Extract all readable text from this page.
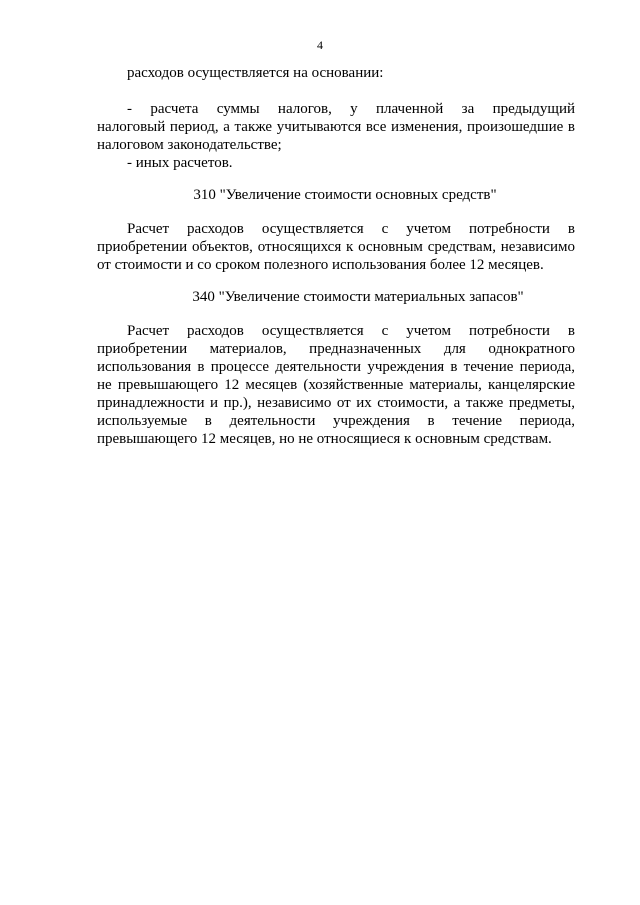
4

расходов осуществляется на основании:

- расчета суммы налогов, у плаченной за предыдущий

налоговый период, а также учитываются все изменения, произошедшие в налоговом законодательстве;

- иных расчетов.

310 "Увеличение стоимости основных средств"

Расчет расходов осуществляется с учетом потребности в приобретении объектов, относящихся к основным средствам, независимо от стоимости и со сроком полезного использования более 12 месяцев.

340 "Увеличение стоимости материальных запасов"

Расчет расходов осуществляется с учетом потребности в приобретении материалов, предназначенных для однократного использования в процессе деятельности учреждения в течение периода, не превышающего 12 месяцев (хозяйственные материалы, канцелярские принадлежности и пр.), независимо от их стоимости, а также предметы, используемые в деятельности учреждения в течение периода, превышающего 12 месяцев, но не относящиеся к основным средствам.
